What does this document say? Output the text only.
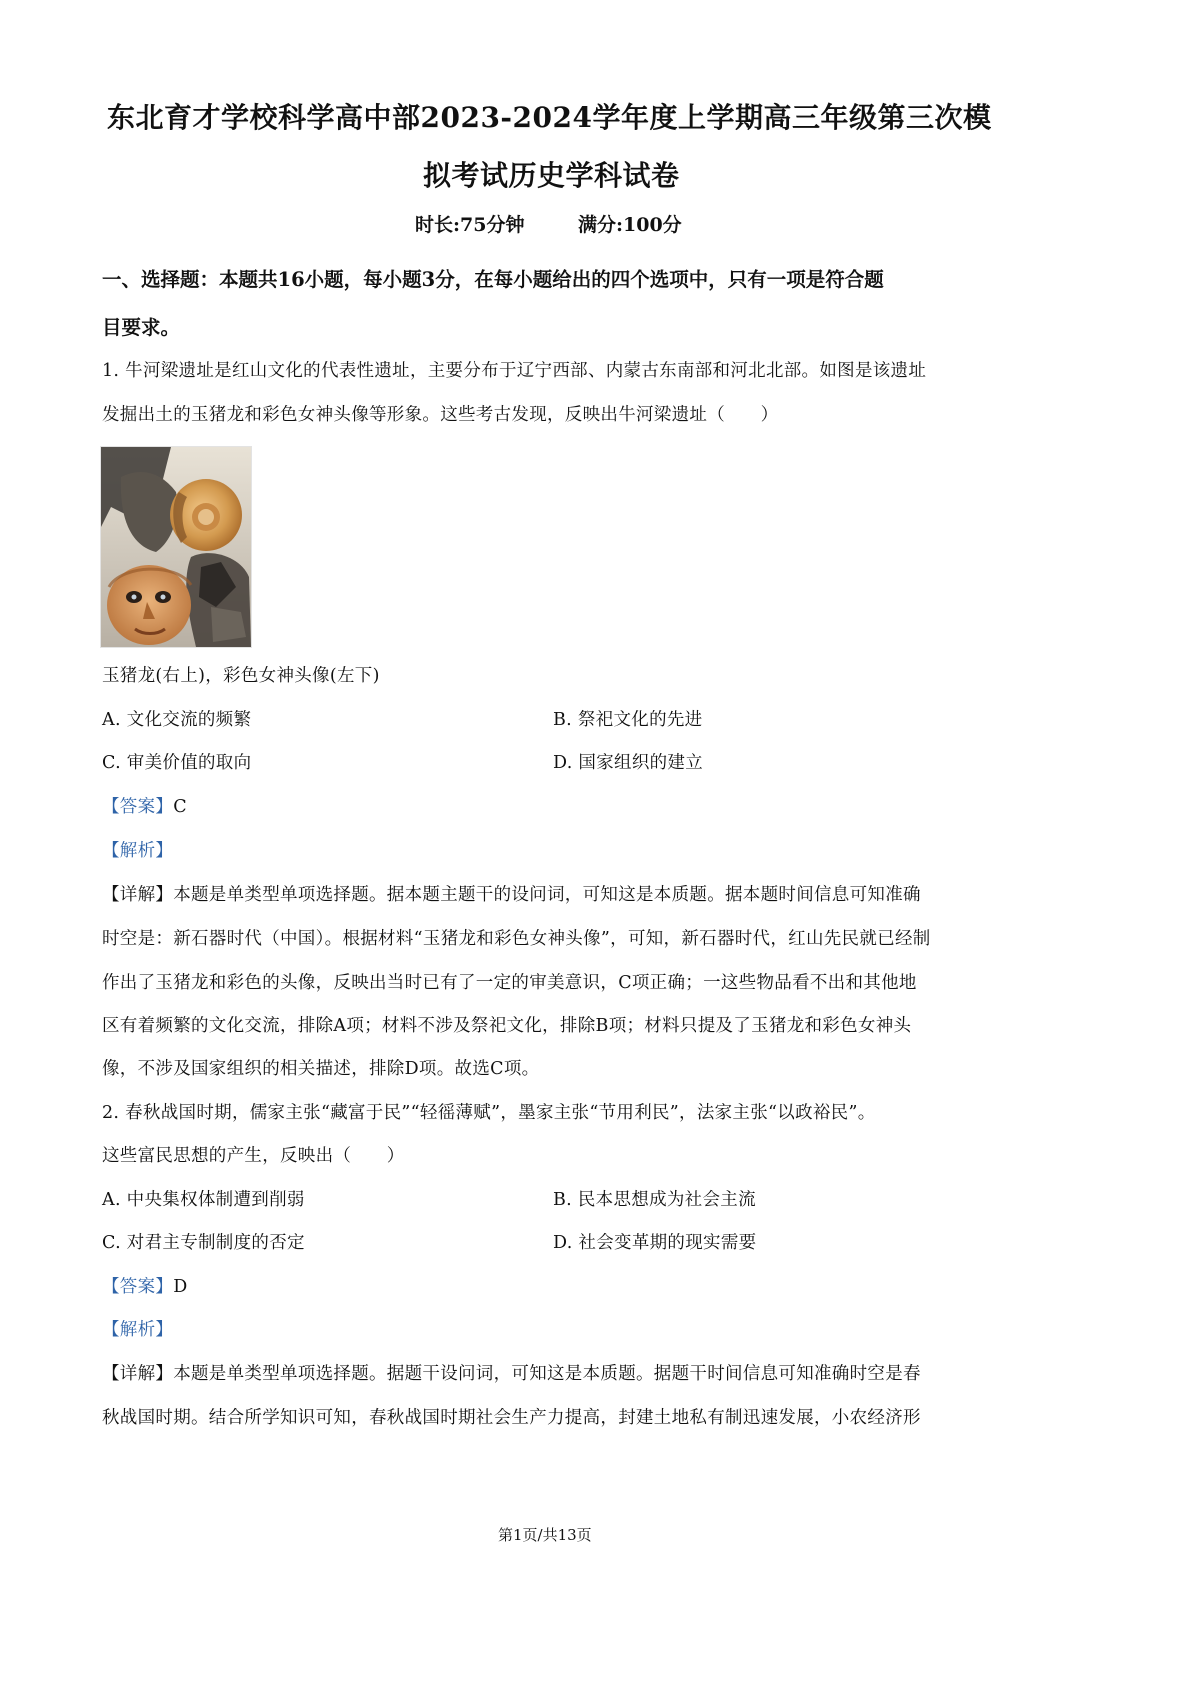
东北育才学校科学高中部2023-2024学年度上学期高三年级第三次模
拟考试历史学科试卷
时长:75分钟	满分:100分
一、选择题：本题共16小题，每小题3分，在每小题给出的四个选项中，只有一项是符合题
目要求。
1. 牛河梁遗址是红山文化的代表性遗址，主要分布于辽宁西部、内蒙古东南部和河北北部。如图是该遗址
发掘出土的玉猪龙和彩色女神头像等形象。这些考古发现，反映出牛河梁遗址（　　）
玉猪龙(右上)，彩色女神头像(左下)
A. 文化交流的频繁	B. 祭祀文化的先进
C. 审美价值的取向	D. 国家组织的建立
【答案】C
【解析】
【详解】本题是单类型单项选择题。据本题主题干的设问词，可知这是本质题。据本题时间信息可知准确
时空是：新石器时代（中国）。根据材料“玉猪龙和彩色女神头像”，可知，新石器时代，红山先民就已经制
作出了玉猪龙和彩色的头像，反映出当时已有了一定的审美意识，C项正确；一这些物品看不出和其他地
区有着频繁的文化交流，排除A项；材料不涉及祭祀文化，排除B项；材料只提及了玉猪龙和彩色女神头
像，不涉及国家组织的相关描述，排除D项。故选C项。
2. 春秋战国时期，儒家主张“藏富于民”“轻徭薄赋”，墨家主张“节用利民”，法家主张“以政裕民”。
这些富民思想的产生，反映出（　　）
A. 中央集权体制遭到削弱	B. 民本思想成为社会主流
C. 对君主专制制度的否定	D. 社会变革期的现实需要
【答案】D
【解析】
【详解】本题是单类型单项选择题。据题干设问词，可知这是本质题。据题干时间信息可知准确时空是春
秋战国时期。结合所学知识可知，春秋战国时期社会生产力提高，封建土地私有制迅速发展，小农经济形
第1页/共13页
